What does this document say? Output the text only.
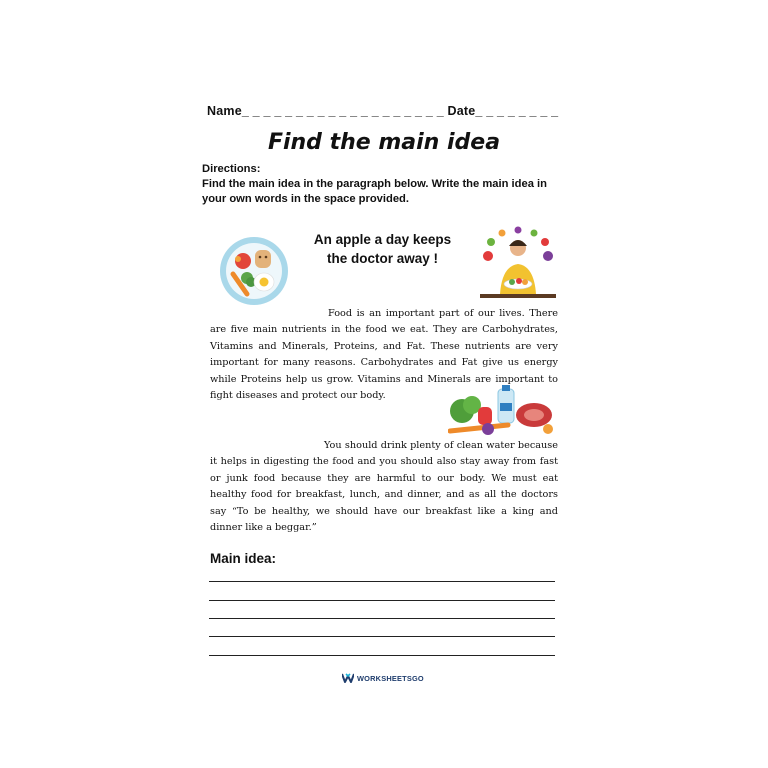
Name_ _ _ _ _ _ _ _ _ _ _ _ _ _ _ _ _ _ _ Date_ _ _ _ _ _ _ _
Find the main idea

Directions:

Find the main idea in the paragraph below. Write the main idea in your own words in the space provided.

An apple a day keeps
the doctor away !
Food is an important part of our lives. There are five main nutrients in the food we eat. They are Carbohydrates, Vitamins and Minerals, Proteins, and Fat. These nutrients are very important for many reasons. Carbohydrates and Fat give us energy while Proteins help us grow. Vitamins and Minerals are important to fight diseases and protect our body.
You should drink plenty of clean water because it helps in digesting the food and you should also stay away from fast or junk food because they are harmful to our body. We must eat healthy food for breakfast, lunch, and dinner, and as all the doctors say “To be healthy, we should have our breakfast like a king and dinner like a beggar.”
Main idea:
WORKSHEETSGO
